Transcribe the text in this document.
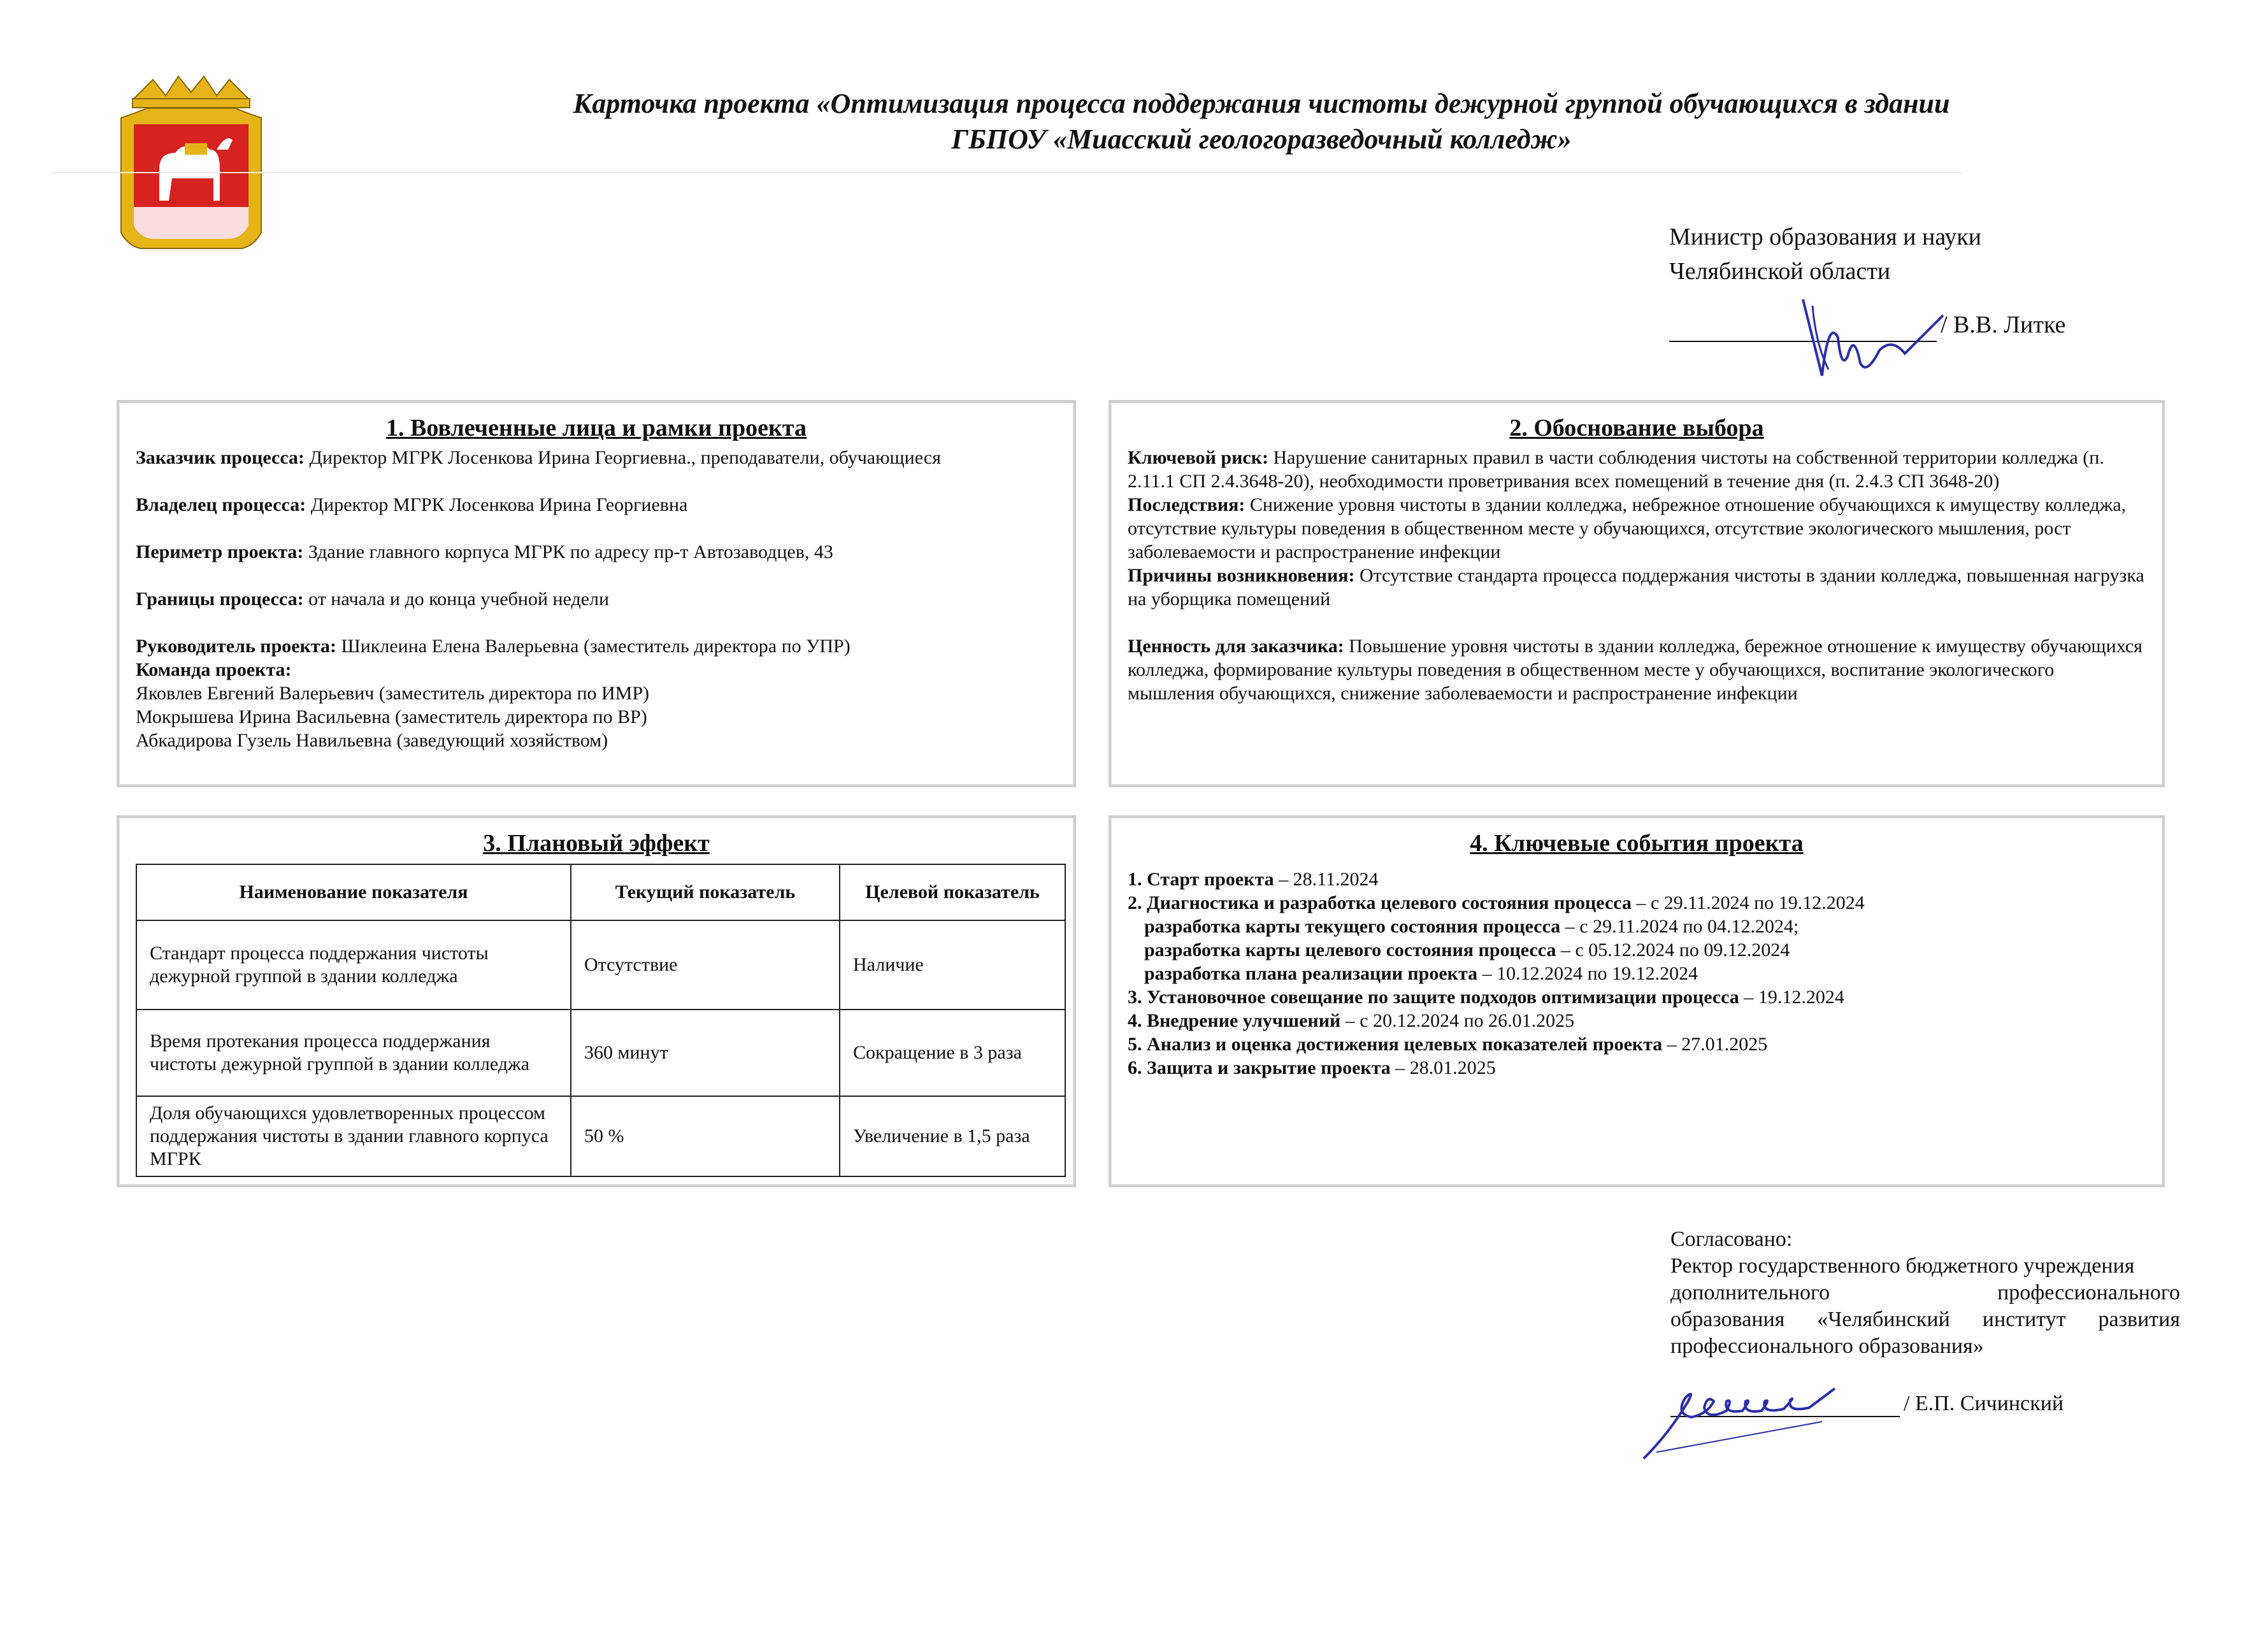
Карточка проекта «Оптимизация процесса поддержания чистоты дежурной группой обучающихся в здании
ГБПОУ «Миасский геологоразведочный колледж»
Министр образования и науки
Челябинской области
/ В.В. Литке
1. Вовлеченные лица и рамки проекта

Заказчик процесса: Директор МГРК Лосенкова Ирина Георгиевна., преподаватели, обучающиеся

Владелец процесса: Директор МГРК Лосенкова Ирина Георгиевна

Периметр проекта: Здание главного корпуса МГРК по адресу пр-т Автозаводцев, 43

Границы процесса: от начала и до конца учебной недели

Руководитель проекта: Шиклеина Елена Валерьевна (заместитель директора по УПР)

Команда проекта:

Яковлев Евгений Валерьевич (заместитель директора по ИМР)

Мокрышева Ирина Васильевна (заместитель директора по ВР)

Абкадирова Гузель Навильевна (заведующий хозяйством)

2. Обоснование выбора

Ключевой риск: Нарушение санитарных правил в части соблюдения чистоты на собственной территории колледжа (п. 2.11.1 СП 2.4.3648-20), необходимости проветривания всех помещений в течение дня (п. 2.4.3 СП 3648-20)

Последствия: Снижение уровня чистоты в здании колледжа, небрежное отношение обучающихся к имуществу колледжа, отсутствие культуры поведения в общественном месте у обучающихся, отсутствие экологического мышления, рост заболеваемости и распространение инфекции

Причины возникновения: Отсутствие стандарта процесса поддержания чистоты в здании колледжа, повышенная нагрузка на уборщика помещений

Ценность для заказчика: Повышение уровня чистоты в здании колледжа, бережное отношение к имуществу обучающихся колледжа, формирование культуры поведения в общественном месте у обучающихся, воспитание экологического мышления обучающихся, снижение заболеваемости и распространение инфекции

3. Плановый эффект
Наименование показателя	Текущий показатель	Целевой показатель
Стандарт процесса поддержания чистоты дежурной группой в здании колледжа	Отсутствие	Наличие
Время протекания процесса поддержания чистоты дежурной группой в здании колледжа	360 минут	Сокращение в 3 раза
Доля обучающихся удовлетворенных процессом поддержания чистоты в здании главного корпуса МГРК	50 %	Увеличение в 1,5 раза
4. Ключевые события проекта

1. Старт проекта – 28.11.2024

2. Диагностика и разработка целевого состояния процесса – с 29.11.2024 по 19.12.2024

разработка карты текущего состояния процесса – с 29.11.2024 по 04.12.2024;

разработка карты целевого состояния процесса – с 05.12.2024 по 09.12.2024

разработка плана реализации проекта – 10.12.2024 по 19.12.2024

3. Установочное совещание по защите подходов оптимизации процесса – 19.12.2024

4. Внедрение улучшений – с 20.12.2024 по 26.01.2025

5. Анализ и оценка достижения целевых показателей проекта – 27.01.2025

6. Защита и закрытие проекта – 28.01.2025

Согласовано:
Ректор государственного бюджетного учреждения
дополнительного профессионального
образования «Челябинский институт развития
профессионального образования»
/ Е.П. Сичинский
